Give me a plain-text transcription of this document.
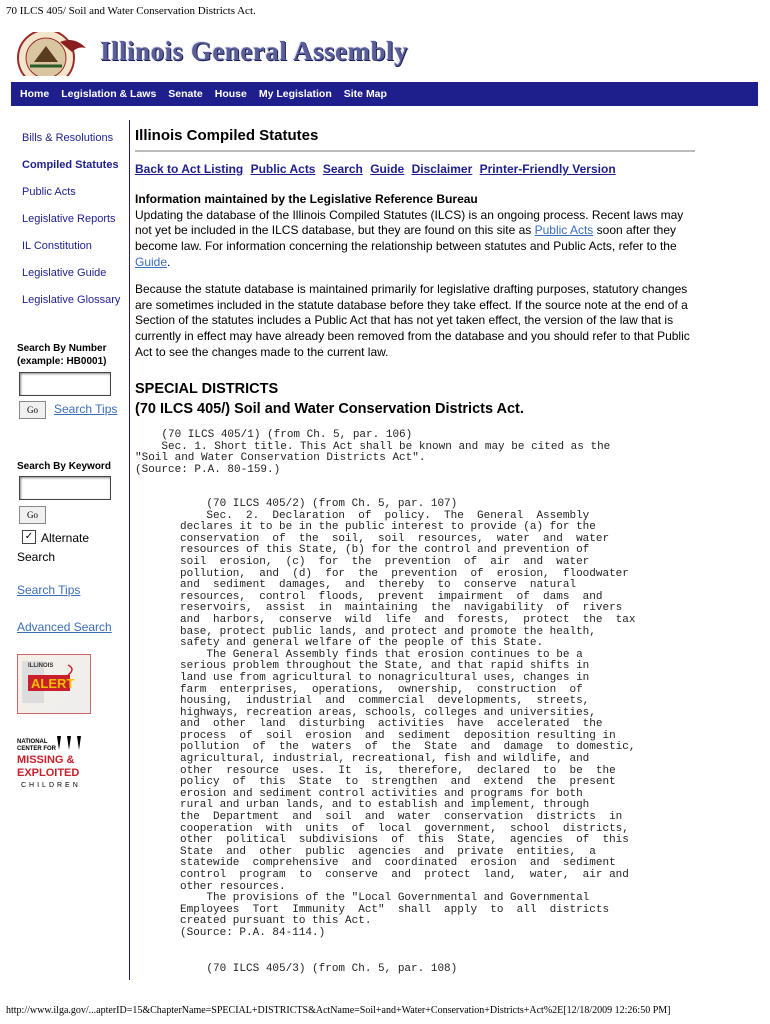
70 ILCS 405/ Soil and Water Conservation Districts Act.
Illinois General Assembly
Home	Legislation & Laws	Senate	House	My Legislation	Site Map
Bills & Resolutions
Compiled Statutes
Public Acts
Legislative Reports
IL Constitution
Legislative Guide
Legislative Glossary
Search By Number (example: HB0001)
Go	Search Tips
Search By Keyword
Go
✓ Alternate Search
Search Tips
Advanced Search
ILLINOIS
ALERT
NATIONAL
CENTER FOR
MISSING &
EXPLOITED
CHILDREN
Illinois Compiled Statutes
Back to Act Listing Public Acts Search Guide Disclaimer Printer-Friendly Version
Information maintained by the Legislative Reference Bureau
Updating the database of the Illinois Compiled Statutes (ILCS) is an ongoing process. Recent laws may not yet be included in the ILCS database, but they are found on this site as Public Acts soon after they become law. For information concerning the relationship between statutes and Public Acts, refer to the Guide.
Because the statute database is maintained primarily for legislative drafting purposes, statutory changes are sometimes included in the statute database before they take effect. If the source note at the end of a Section of the statutes includes a Public Act that has not yet taken effect, the version of the law that is currently in effect may have already been removed from the database and you should refer to that Public Act to see the changes made to the current law.
SPECIAL DISTRICTS
(70 ILCS 405/) Soil and Water Conservation Districts Act.
(70 ILCS 405/1) (from Ch. 5, par. 106)
Sec. 1. Short title. This Act shall be known and may be cited as the
"Soil and Water Conservation Districts Act".
(Source: P.A. 80-159.)
(70 ILCS 405/2) (from Ch. 5, par. 107)
Sec.  2.  Declaration  of  policy.  The  General  Assembly
declares it to be in the public interest to provide (a) for the
conservation  of  the  soil,  soil  resources,  water  and  water
resources of this State, (b) for the control and prevention of
soil  erosion,  (c)  for  the  prevention  of  air  and  water
pollution,  and  (d)  for  the  prevention  of  erosion,  floodwater
and  sediment  damages,  and  thereby  to  conserve  natural
resources,  control  floods,  prevent  impairment  of  dams  and
reservoirs,  assist  in  maintaining  the  navigability  of  rivers
and  harbors,  conserve  wild  life  and  forests,  protect  the  tax
base, protect public lands, and protect and promote the health,
safety and general welfare of the people of this State.
The General Assembly finds that erosion continues to be a
serious problem throughout the State, and that rapid shifts in
land use from agricultural to nonagricultural uses, changes in
farm  enterprises,  operations,  ownership,  construction  of
housing,  industrial  and  commercial  developments,  streets,
highways, recreation areas, schools, colleges and universities,
and  other  land  disturbing  activities  have  accelerated  the
process  of  soil  erosion  and  sediment  deposition resulting in
pollution  of  the  waters  of  the  State  and  damage  to domestic,
agricultural, industrial, recreational, fish and wildlife, and
other  resource  uses.  It  is,  therefore,  declared  to  be  the
policy  of  this  State  to  strengthen  and  extend  the  present
erosion and sediment control activities and programs for both
rural and urban lands, and to establish and implement, through
the  Department  and  soil  and  water  conservation  districts  in
cooperation  with  units  of  local  government,  school  districts,
other  political  subdivisions  of  this  State,  agencies  of  this
State  and  other  public  agencies  and  private  entities,  a
statewide  comprehensive  and  coordinated  erosion  and  sediment
control  program  to  conserve  and  protect  land,  water,  air and
other resources.
The provisions of the "Local Governmental and Governmental
Employees  Tort  Immunity  Act"  shall  apply  to  all  districts
created pursuant to this Act.
(Source: P.A. 84-114.)
(70 ILCS 405/3) (from Ch. 5, par. 108)
http://www.ilga.gov/...apterID=15&ChapterName=SPECIAL+DISTRICTS&ActName=Soil+and+Water+Conservation+Districts+Act%2E[12/18/2009 12:26:50 PM]
